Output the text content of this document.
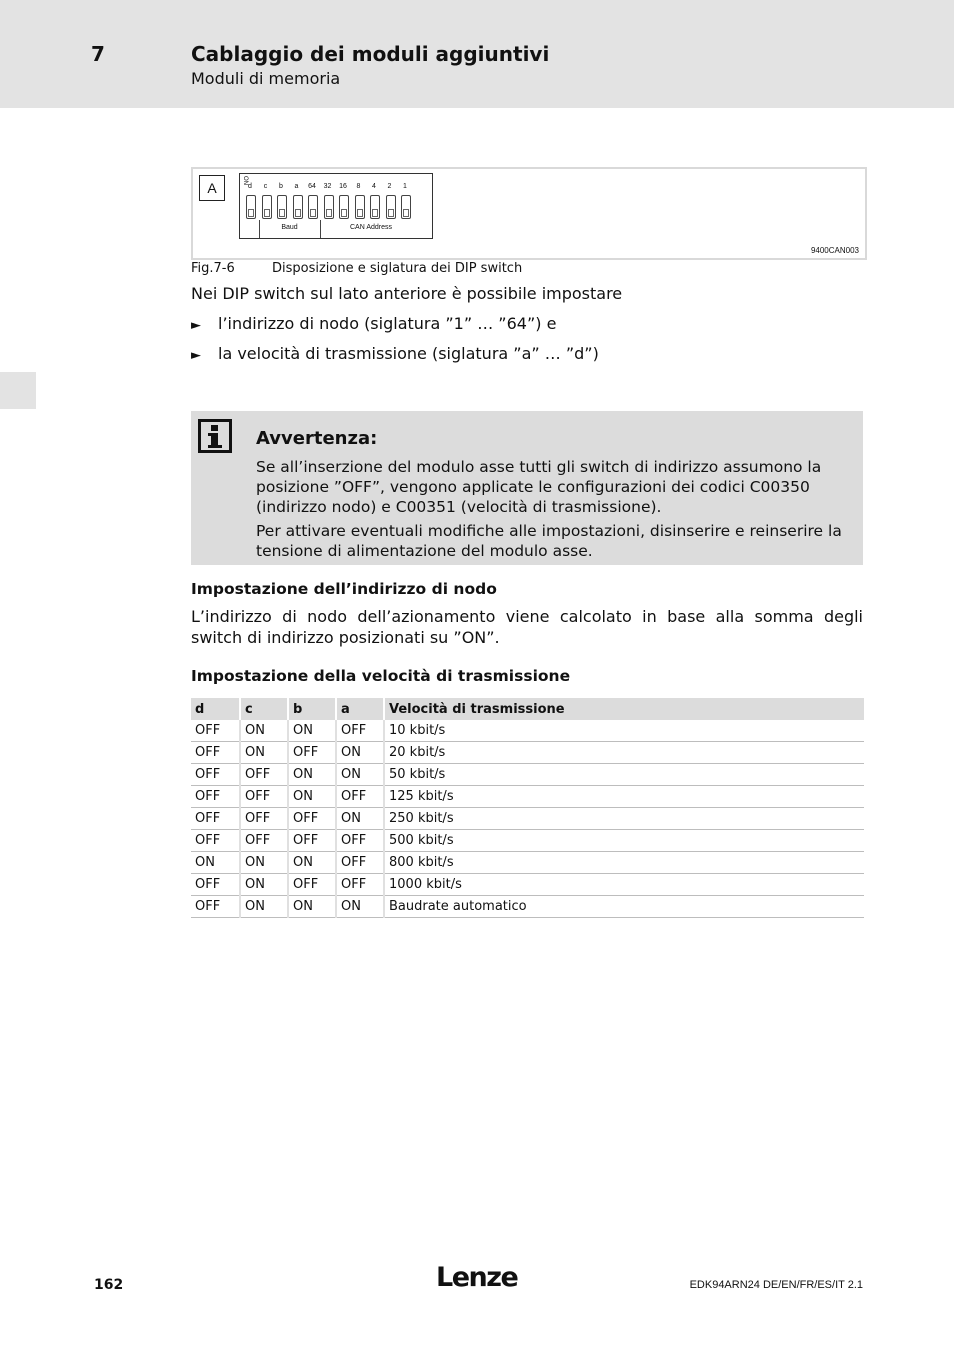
7	Cablaggio dei moduli aggiuntivi
Moduli di memoria
A	ON
Baud	CAN Address
d	c	b	a	64	32	16	8	4	2	1
9400CAN003
Fig.7-6	Disposizione e siglatura dei DIP switch
Nei DIP switch sul lato anteriore è possibile impostare
► l’indirizzo di nodo (siglatura ”1” … ”64”) e
► la velocità di trasmissione (siglatura ”a” … ”d”)
Avvertenza:
Se all’inserzione del modulo asse tutti gli switch di indirizzo assumono la posizione ”OFF”, vengono applicate le configurazioni dei codici C00350 (indirizzo nodo) e C00351 (velocità di trasmissione).
Per attivare eventuali modifiche alle impostazioni, disinserire e reinserire la tensione di alimentazione del modulo asse.
Impostazione dell’indirizzo di nodo
L’indirizzo di nodo dell’azionamento viene calcolato in base alla somma degli switch di indirizzo posizionati su ”ON”.
Impostazione della velocità di trasmissione
d	c	b	a	Velocità di trasmissione
OFF	ON	ON	OFF	10 kbit/s
OFF	ON	OFF	ON	20 kbit/s
OFF	OFF	ON	ON	50 kbit/s
OFF	OFF	ON	OFF	125 kbit/s
OFF	OFF	OFF	ON	250 kbit/s
OFF	OFF	OFF	OFF	500 kbit/s
ON	ON	ON	OFF	800 kbit/s
OFF	ON	OFF	OFF	1000 kbit/s
OFF	ON	ON	ON	Baudrate automatico
162	Lenze	EDK94ARN24 DE/EN/FR/ES/IT 2.1
